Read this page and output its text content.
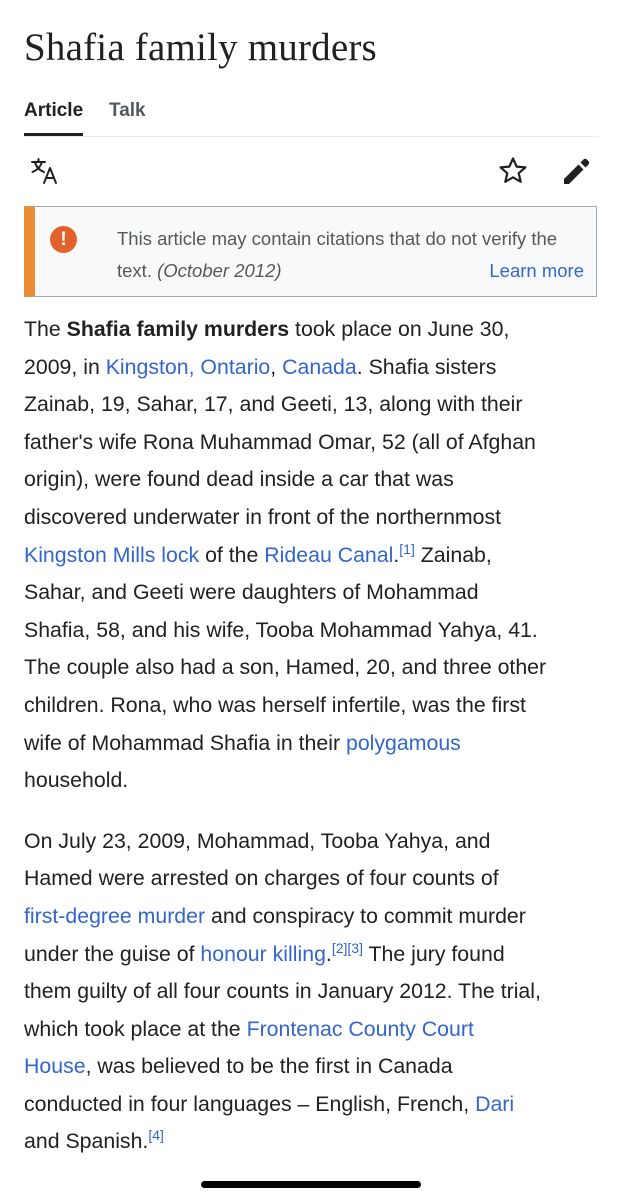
Shafia family murders
Article Talk
!	This article may contain citations that do not verify the text. (October 2012)	Learn more

The Shafia family murders took place on June 30,
2009, in Kingston, Ontario, Canada. Shafia sisters
Zainab, 19, Sahar, 17, and Geeti, 13, along with their
father's wife Rona Muhammad Omar, 52 (all of Afghan
origin), were found dead inside a car that was
discovered underwater in front of the northernmost
Kingston Mills lock of the Rideau Canal.[1] Zainab,
Sahar, and Geeti were daughters of Mohammad
Shafia, 58, and his wife, Tooba Mohammad Yahya, 41.
The couple also had a son, Hamed, 20, and three other
children. Rona, who was herself infertile, was the first
wife of Mohammad Shafia in their polygamous
household.

On July 23, 2009, Mohammad, Tooba Yahya, and
Hamed were arrested on charges of four counts of
first-degree murder and conspiracy to commit murder
under the guise of honour killing.[2][3] The jury found
them guilty of all four counts in January 2012. The trial,
which took place at the Frontenac County Court
House, was believed to be the first in Canada
conducted in four languages – English, French, Dari
and Spanish.[4]
